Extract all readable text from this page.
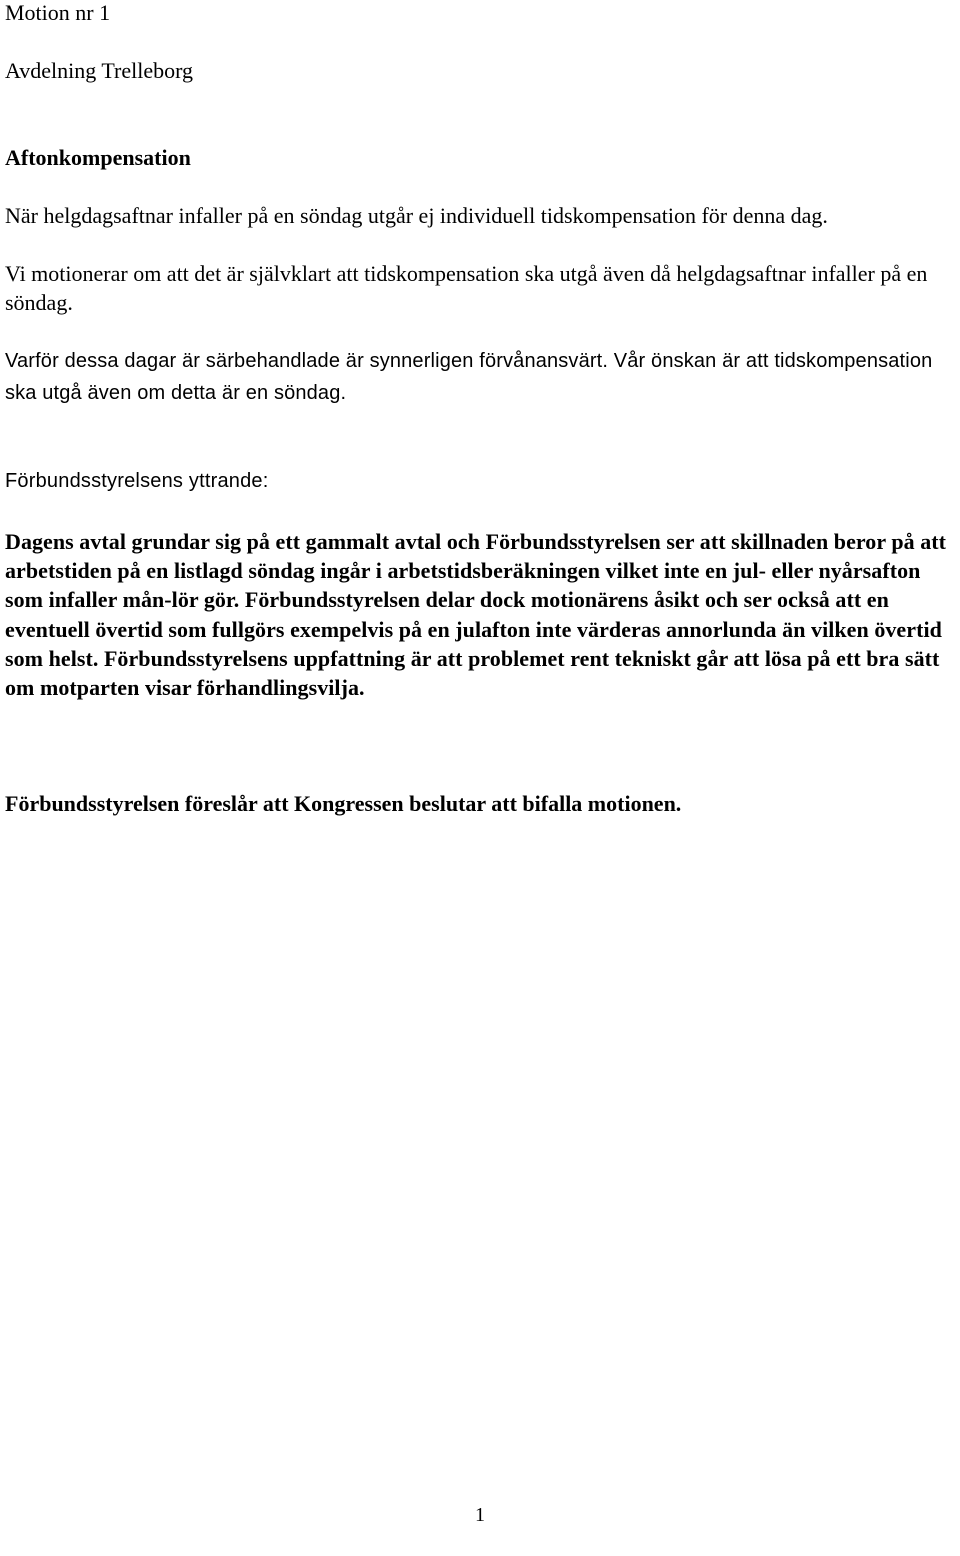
Motion nr 1

Avdelning Trelleborg

Aftonkompensation

När helgdagsaftnar infaller på en söndag utgår ej individuell tidskompensation för denna dag.

Vi motionerar om att det är självklart att tidskompensation ska utgå även då helgdagsaftnar infaller på en söndag.

Varför dessa dagar är särbehandlade är synnerligen förvånansvärt. Vår önskan är att tidskompensation ska utgå även om detta är en söndag.

Förbundsstyrelsens yttrande:

Dagens avtal grundar sig på ett gammalt avtal och Förbundsstyrelsen ser att skillnaden beror på att arbetstiden på en listlagd söndag ingår i arbetstidsberäkningen vilket inte en jul- eller nyårsafton som infaller mån-lör gör. Förbundsstyrelsen delar dock motionärens åsikt och ser också att en eventuell övertid som fullgörs exempelvis på en julafton inte värderas annorlunda än vilken övertid som helst. Förbundsstyrelsens uppfattning är att problemet rent tekniskt går att lösa på ett bra sätt om motparten visar förhandlingsvilja.

Förbundsstyrelsen föreslår att Kongressen beslutar att bifalla motionen.

1
